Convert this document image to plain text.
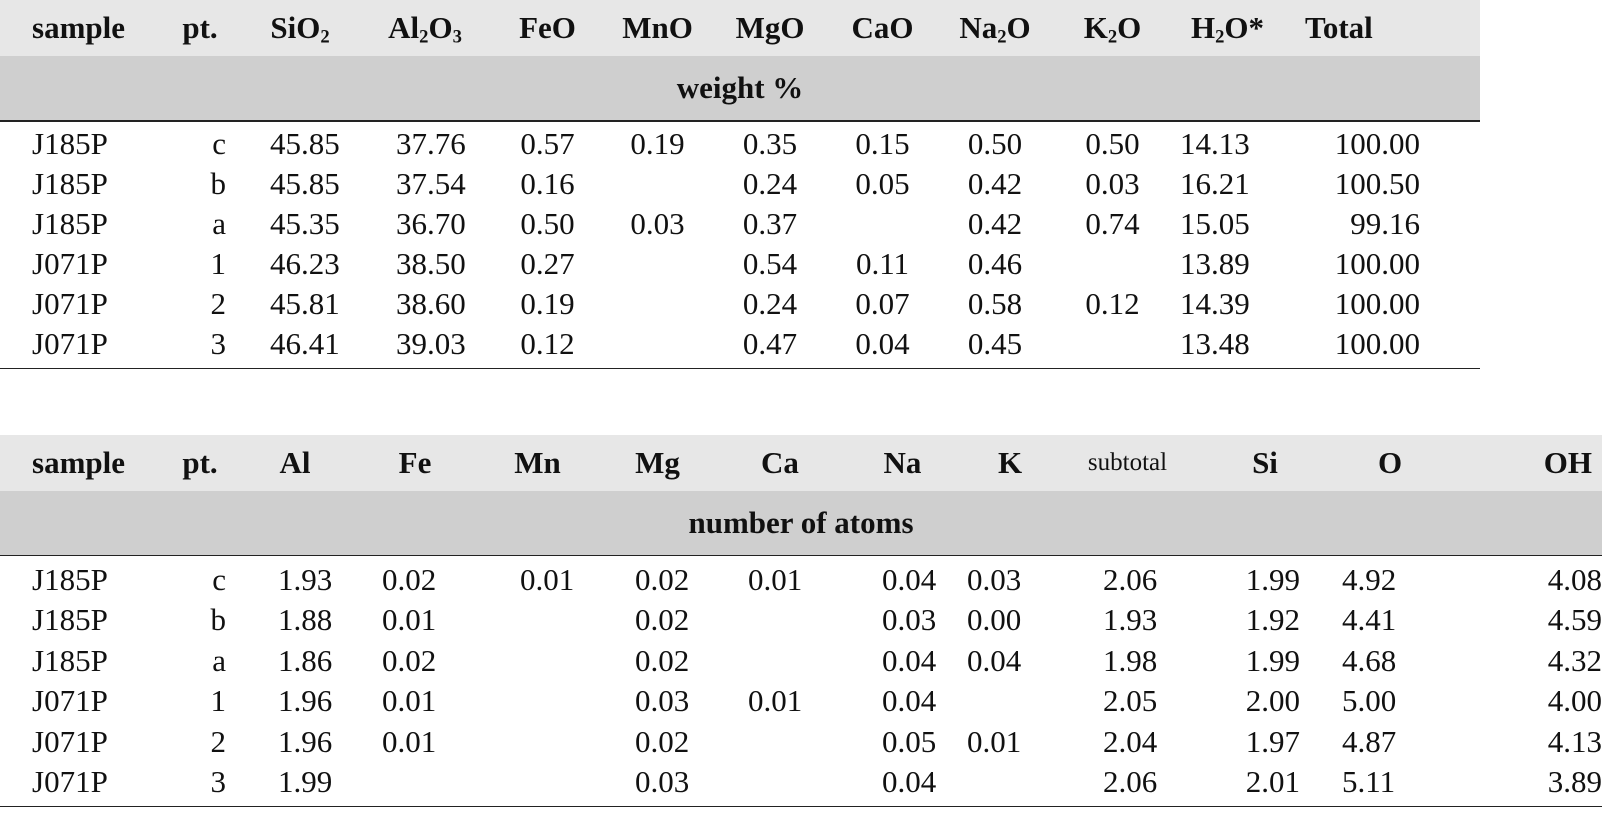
sample	pt.	SiO$_2$	$Al_2O_3$	FeO	MnO	MgO	CaO	$Na_2O$	$K_2O$	$H_2O*$	Total
weight %											
J185P	c	45.85	37.76	0.57	0.19	0.35	0.15	0.50	0.50	14.13	100.00
J185P	b	45.85	37.54	0.16		0.24	0.05	0.42	0.03	16.21	100.50
J185P	a	45.35	36.70	0.50	0.03	0.37		0.42	0.74	15.05	99.16
J071P	1	46.23	38.50	0.27		0.54	0.11	0.46		13.89	100.00
J071P	2	45.81	38.60	0.19		0.24	0.07	0.58	0.12	14.39	100.00
J071P	3	46.41	39.03	0.12		0.47	0.04	0.45		13.48	100.00
sample	pt.	Al	Fe	Mn	Mg	Ca	Na	K	subtotal	Si	O	OH
number of atoms												
J185P	c	1.93	0.02	0.01	0.02	0.01	0.04	0.03	2.06	1.99	4.92	4.08
J185P	b	1.88	0.01		0.02		0.03	0.00	1.93	1.92	4.41	4.59
J185P	a	1.86	0.02		0.02		0.04	0.04	1.98	1.99	4.68	4.32
J071P	1	1.96	0.01		0.03	0.01	0.04		2.05	2.00	5.00	4.00
J071P	2	1.96	0.01		0.02		0.05	0.01	2.04	1.97	4.87	4.13
J071P	3	1.99			0.03		0.04		2.06	2.01	5.11	3.89
